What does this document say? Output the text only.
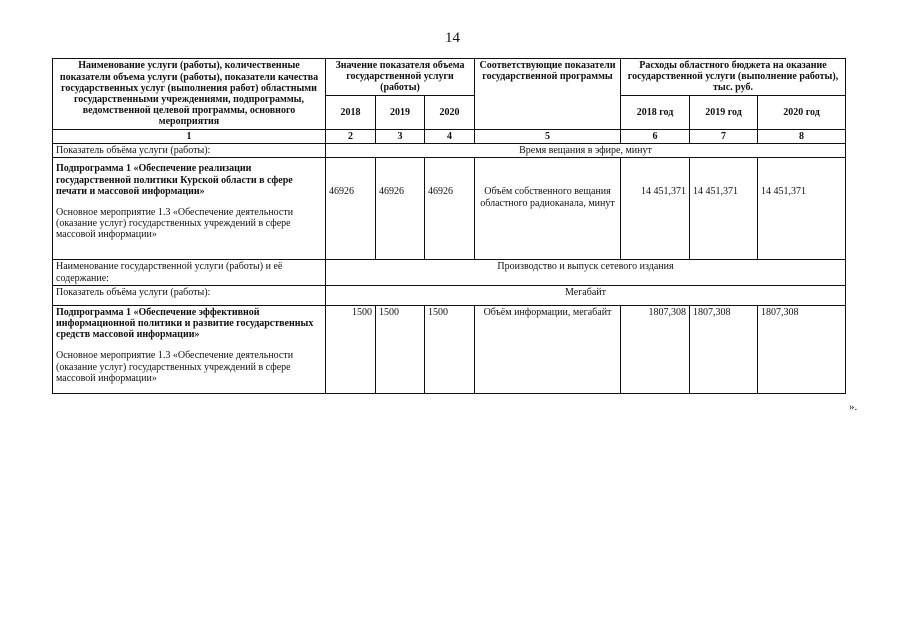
14
Наименование услуги (работы), количественные показатели объема услуги (работы), показатели качества государственных услуг (выполнения работ) областными государственными учреждениями, подпрограммы, ведомственной целевой программы, основного мероприятия	Значение показателя объема государственной услуги (работы)			Соответствующие показатели государственной программы	Расходы областного бюджета на оказание государственной услуги (выполнение работы), тыс. руб.		
	2018	2019	2020		2018 год	2019 год	2020 год
1	2	3	4	5	6	7	8
Показатель объёма услуги (работы):	Время вещания в эфире, минут						

Подпрограмма 1 «Обеспечение реализации государственной политики Курской области в сфере печати и массовой информации»

Основное мероприятие 1.3 «Обеспечение деятельности (оказание услуг) государственных учреждений в сфере массовой информации»	46926	46926	46926	Объём собственного вещания областного радиоканала, минут	14 451,371	14 451,371	14 451,371
Наименование государственной услуги (работы) и её содержание:	Производство и выпуск сетевого издания						
Показатель объёма услуги (работы):	Мегабайт						

Подпрограмма 1 «Обеспечение эффективной информационной политики и развитие государственных средств массовой информации»

Основное мероприятие 1.3 «Обеспечение деятельности (оказание услуг) государственных учреждений в сфере массовой информации»	1500	1500	1500	Объём информации, мегабайт	1807,308	1807,308	1807,308
».
